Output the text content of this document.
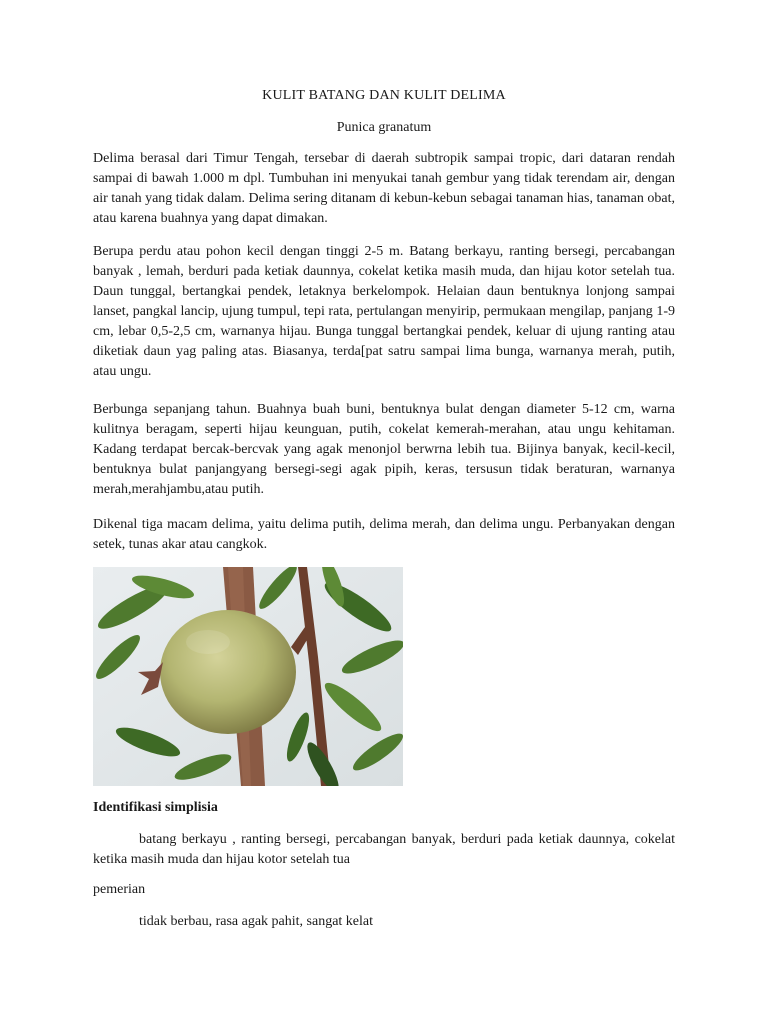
KULIT BATANG DAN KULIT DELIMA
Punica granatum
Delima berasal dari Timur Tengah, tersebar di daerah subtropik sampai tropic, dari dataran rendah sampai di bawah 1.000 m dpl. Tumbuhan ini menyukai tanah gembur yang tidak terendam air, dengan air tanah yang tidak dalam. Delima sering ditanam di kebun-kebun sebagai tanaman hias, tanaman obat, atau karena buahnya yang dapat dimakan.
Berupa perdu atau pohon kecil dengan tinggi 2-5 m. Batang berkayu, ranting bersegi, percabangan banyak , lemah, berduri pada ketiak daunnya, cokelat ketika masih muda, dan hijau kotor setelah tua. Daun tunggal, bertangkai pendek, letaknya berkelompok. Helaian daun bentuknya lonjong sampai lanset, pangkal lancip, ujung tumpul, tepi rata, pertulangan menyirip, permukaan mengilap, panjang 1-9 cm, lebar 0,5-2,5 cm, warnanya hijau. Bunga tunggal bertangkai pendek, keluar di ujung ranting atau diketiak daun yag paling atas. Biasanya, terda[pat satru sampai lima bunga, warnanya merah, putih, atau ungu.
Berbunga sepanjang tahun. Buahnya buah buni, bentuknya bulat dengan diameter 5-12 cm, warna kulitnya beragam, seperti hijau keunguan, putih, cokelat kemerah-merahan, atau ungu kehitaman. Kadang terdapat bercak-bercvak yang agak menonjol berwrna lebih tua. Bijinya banyak, kecil-kecil, bentuknya bulat panjangyang bersegi-segi agak pipih, keras, tersusun tidak beraturan, warnanya merah,merahjambu,atau putih.
Dikenal tiga macam delima, yaitu delima putih, delima merah, dan delima ungu. Perbanyakan dengan setek, tunas akar atau cangkok.
Identifikasi simplisia
batang berkayu , ranting bersegi, percabangan banyak, berduri pada ketiak daunnya, cokelat ketika masih muda dan hijau kotor setelah tua
pemerian
tidak berbau, rasa agak pahit, sangat kelat
